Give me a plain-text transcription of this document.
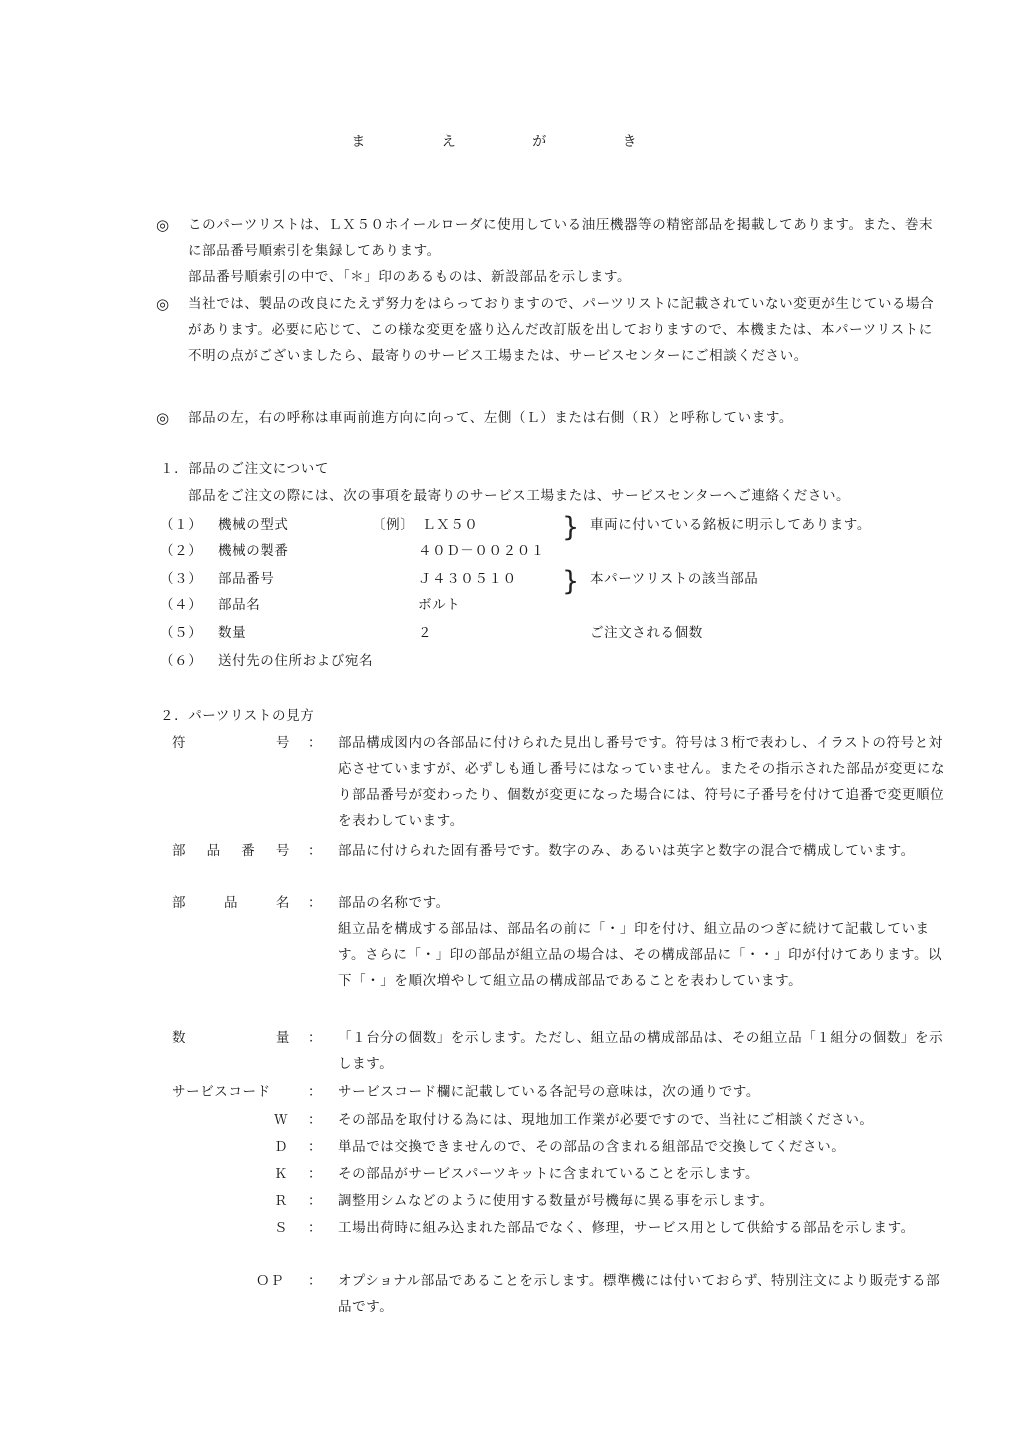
ま え が き
◎ このパーツリストは、ＬＸ５０ホイールローダに使用している油圧機器等の精密部品を掲載してあります。また、巻末に部品番号順索引を集録してあります。
部品番号順索引の中で、「＊」印のあるものは、新設部品を示します。
◎ 当社では、製品の改良にたえず努力をはらっておりますので、パーツリストに記載されていない変更が生じている場合があります。必要に応じて、この様な変更を盛り込んだ改訂版を出しておりますので、本機または、本パーツリストに不明の点がございましたら、最寄りのサービス工場または、サービスセンターにご相談ください。
◎ 部品の左，右の呼称は車両前進方向に向って、左側（Ｌ）または右側（Ｒ）と呼称しています。
１．部品のご注文について
部品をご注文の際には、次の事項を最寄りのサービス工場または、サービスセンターへご連絡ください。
（１） 機械の型式	〔例〕 ＬＸ５０
（２） 機械の製番	４０Ｄ－００２０１
} 車両に付いている銘板に明示してあります。
（３） 部品番号	Ｊ４３０５１０
（４） 部品名	ボルト
} 本パーツリストの該当部品
（５） 数量	２	ご注文される個数
（６） 送付先の住所および宛名
２．パーツリストの見方
符	号 ： 部品構成図内の各部品に付けられた見出し番号です。符号は３桁で表わし、イラストの符号と対応させていますが、必ずしも通し番号にはなっていません。またその指示された部品が変更になり部品番号が変わったり、個数が変更になった場合には、符号に子番号を付けて追番で変更順位を表わしています。
部 品 番 号 ： 部品に付けられた固有番号です。数字のみ、あるいは英字と数字の混合で構成しています。
部	品	名 ： 部品の名称です。
組立品を構成する部品は、部品名の前に「・」印を付け、組立品のつぎに続けて記載しています。さらに「・」印の部品が組立品の場合は、その構成部品に「・・」印が付けてあります。以下「・」を順次増やして組立品の構成部品であることを表わしています。
数	量 ： 「１台分の個数」を示します。ただし、組立品の構成部品は、その組立品「１組分の個数」を示します。
サービスコード	： サービスコード欄に記載している各記号の意味は，次の通りです。
Ｗ ： その部品を取付ける為には、現地加工作業が必要ですので、当社にご相談ください。
Ｄ ： 単品では交換できませんので、その部品の含まれる組部品で交換してください。
Ｋ ： その部品がサービスパーツキットに含まれていることを示します。
Ｒ ： 調整用シムなどのように使用する数量が号機毎に異る事を示します。
Ｓ ： 工場出荷時に組み込まれた部品でなく、修理，サービス用として供給する部品を示します。
ＯＰ ： オプショナル部品であることを示します。標準機には付いておらず、特別注文により販売する部品です。
